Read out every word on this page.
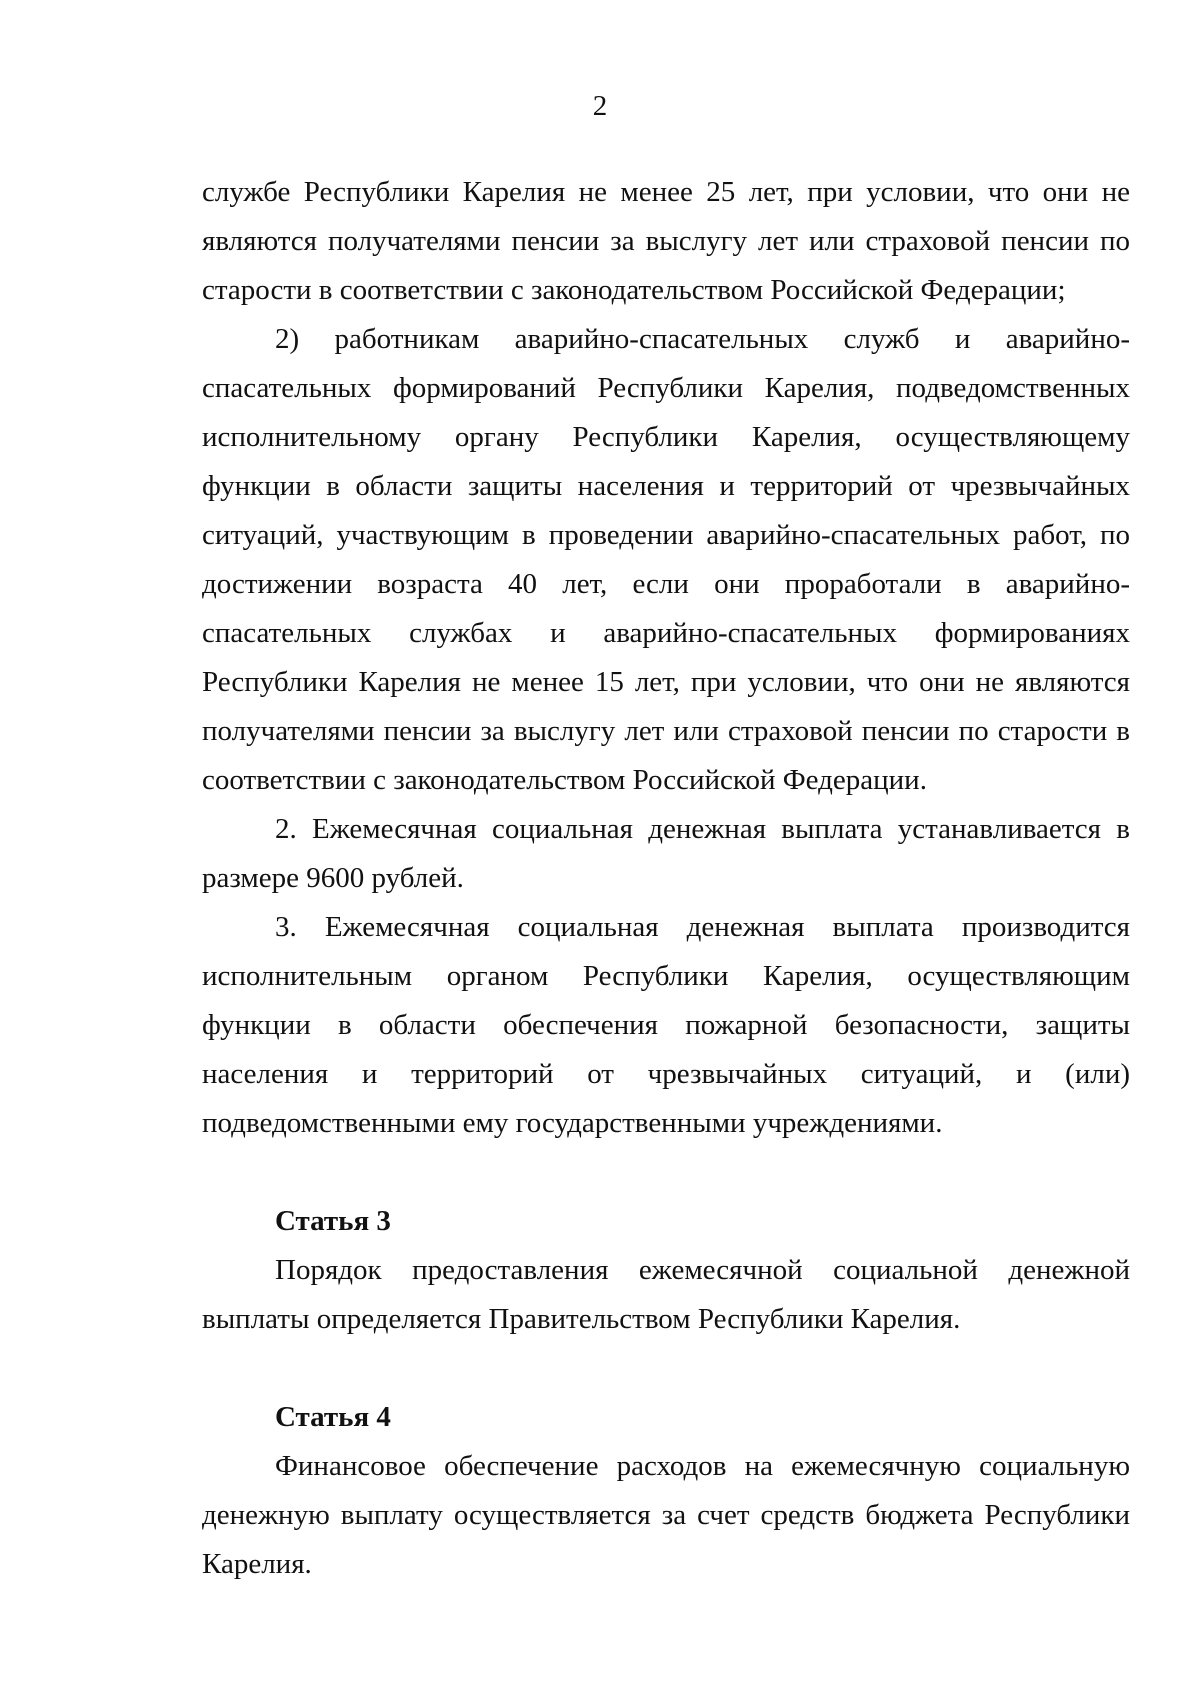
2

службе Республики Карелия не менее 25 лет, при условии, что они не являются получателями пенсии за выслугу лет или страховой пенсии по старости в соответствии с законодательством Российской Федерации;

2) работникам аварийно-спасательных служб и аварийно-спасательных формирований Республики Карелия, подведомственных исполнительному органу Республики Карелия, осуществляющему функции в области защиты населения и территорий от чрезвычайных ситуаций, участвующим в проведении аварийно-спасательных работ, по достижении возраста 40 лет, если они проработали в аварийно-спасательных службах и аварийно-спасательных формированиях Республики Карелия не менее 15 лет, при условии, что они не являются получателями пенсии за выслугу лет или страховой пенсии по старости в соответствии с законодательством Российской Федерации.

2. Ежемесячная социальная денежная выплата устанавливается в размере 9600 рублей.

3. Ежемесячная социальная денежная выплата производится исполнительным органом Республики Карелия, осуществляющим функции в области обеспечения пожарной безопасности, защиты населения и территорий от чрезвычайных ситуаций, и (или) подведомственными ему государственными учреждениями.

Статья 3

Порядок предоставления ежемесячной социальной денежной выплаты определяется Правительством Республики Карелия.

Статья 4

Финансовое обеспечение расходов на ежемесячную социальную денежную выплату осуществляется за счет средств бюджета Республики Карелия.
